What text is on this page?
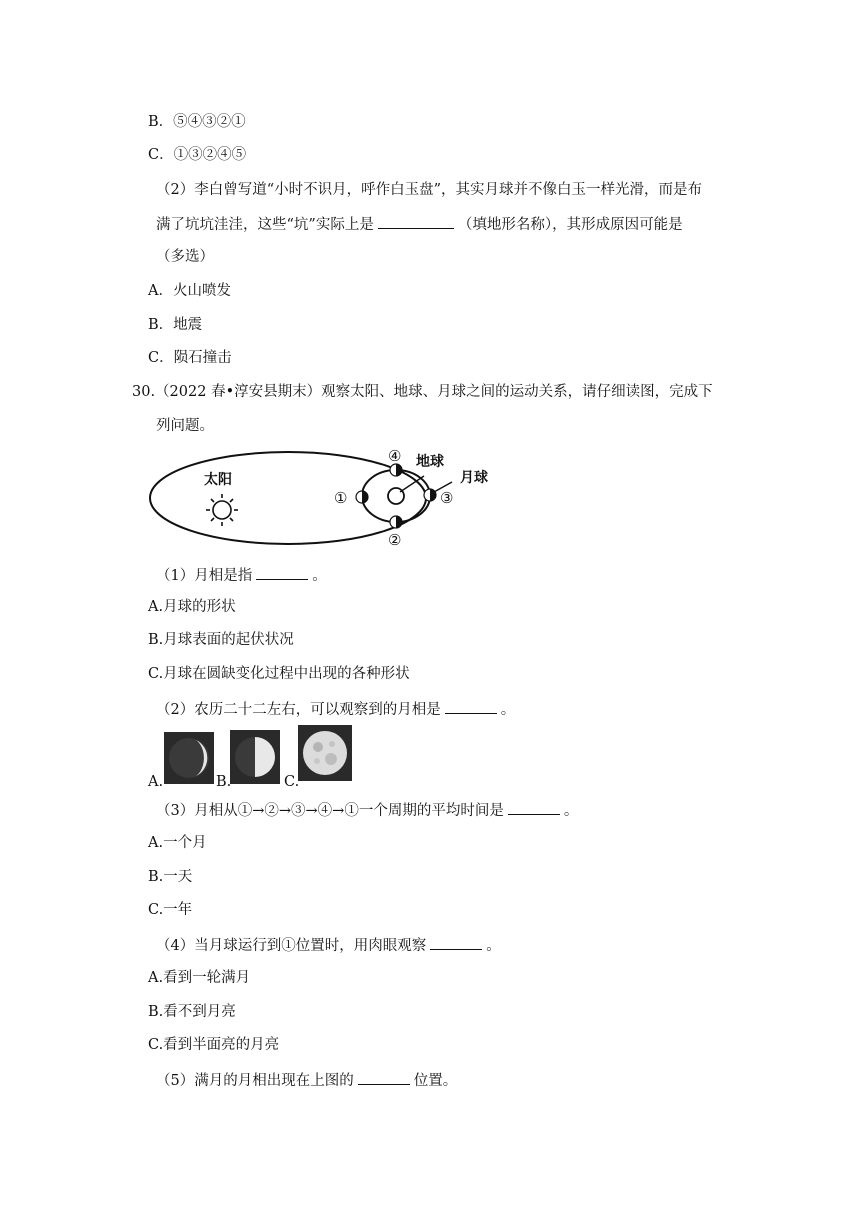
B．⑤④③②①
C．①③②④⑤
（2）李白曾写道“小时不识月，呼作白玉盘”，其实月球并不像白玉一样光滑，而是布
满了坑坑洼洼，这些“坑”实际上是	（填地形名称），其形成原因可能是
（多选）
A．火山喷发
B．地震
C．陨石撞击
30.（2022 春•淳安县期末）观察太阳、地球、月球之间的运动关系，请仔细读图，完成下
列问题。
太阳
地球
月球
①
②
③
④
（1）月相是指	。
A.月球的形状
B.月球表面的起伏状况
C.月球在圆缺变化过程中出现的各种形状
（2）农历二十二左右，可以观察到的月相是	。
A.	B.	C.
（3）月相从①→②→③→④→①一个周期的平均时间是	。
A.一个月
B.一天
C.一年
（4）当月球运行到①位置时，用肉眼观察	。
A.看到一轮满月
B.看不到月亮
C.看到半面亮的月亮
（5）满月的月相出现在上图的	位置。
